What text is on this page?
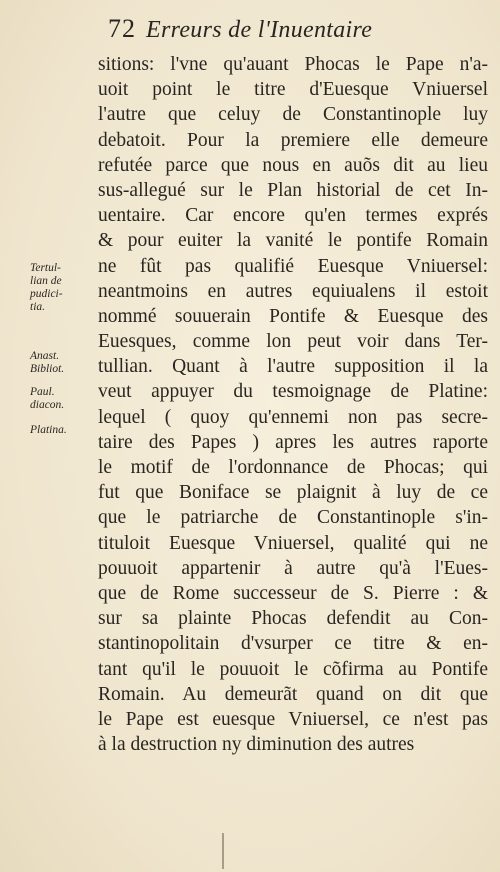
72 Erreurs de l'Inuentaire
sitions: l'vne qu'auant Phocas le Pape n'a-
uoit point le titre d'Euesque Vniuersel
l'autre que celuy de Constantinople luy
debatoit. Pour la premiere elle demeure
refutée parce que nous en auõs dit au lieu
sus-allegué sur le Plan historial de cet In-
uentaire. Car encore qu'en termes exprés
& pour euiter la vanité le pontife Romain
ne fût pas qualifié Euesque Vniuersel:
neantmoins en autres equiualens il estoit
nommé souuerain Pontife & Euesque des
Euesques, comme lon peut voir dans Ter-
tullian. Quant à l'autre supposition il la
veut appuyer du tesmoignage de Platine:
lequel ( quoy qu'ennemi non pas secre-
taire des Papes ) apres les autres raporte
le motif de l'ordonnance de Phocas; qui
fut que Boniface se plaignit à luy de ce
que le patriarche de Constantinople s'in-
tituloit Euesque Vniuersel, qualité qui ne
pouuoit appartenir à autre qu'à l'Eues-
que de Rome successeur de S. Pierre : &
sur sa plainte Phocas defendit au Con-
stantinopolitain d'vsurper ce titre & en-
tant qu'il le pouuoit le cõfirma au Pontife
Romain. Au demeurãt quand on dit que
le Pape est euesque Vniuersel, ce n'est pas
à la destruction ny diminution des autres
Tertul-
lian de
pudici-
tia.
Anast.
Bibliot.
Paul.
diacon.
Platina.
